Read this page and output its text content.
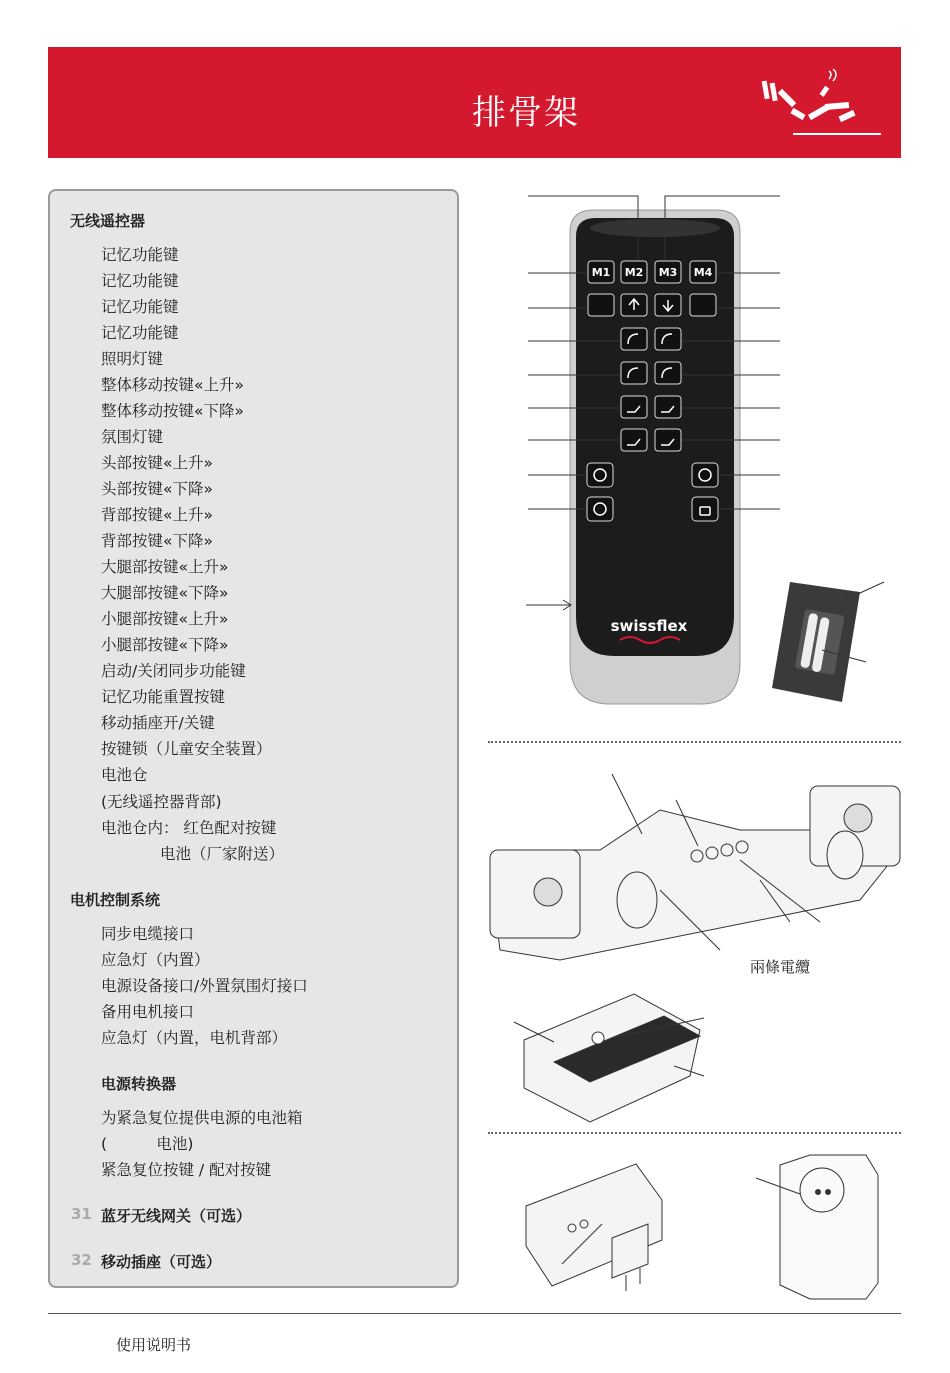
排骨架
无线遥控器
记忆功能键
记忆功能键
记忆功能键
记忆功能键
照明灯键
整体移动按键«上升»
整体移动按键«下降»
氛围灯键
头部按键«上升»
头部按键«下降»
背部按键«上升»
背部按键«下降»
大腿部按键«上升»
大腿部按键«下降»
小腿部按键«上升»
小腿部按键«下降»
启动/关闭同步功能键
记忆功能重置按键
移动插座开/关键
按键锁（儿童安全装置）
电池仓
(无线遥控器背部)
电池仓内： 红色配对按键
电池（厂家附送）
电机控制系统
同步电缆接口
应急灯（内置）
电源设备接口/外置氛围灯接口
备用电机接口
应急灯（内置，电机背部）
电源转换器
为紧急复位提供电源的电池箱
(          电池)
紧急复位按键 / 配对按键
31 蓝牙无线网关（可选）
32 移动插座（可选）
M1 M2 M3 M4
swissflex
兩條電纜
使用说明书
